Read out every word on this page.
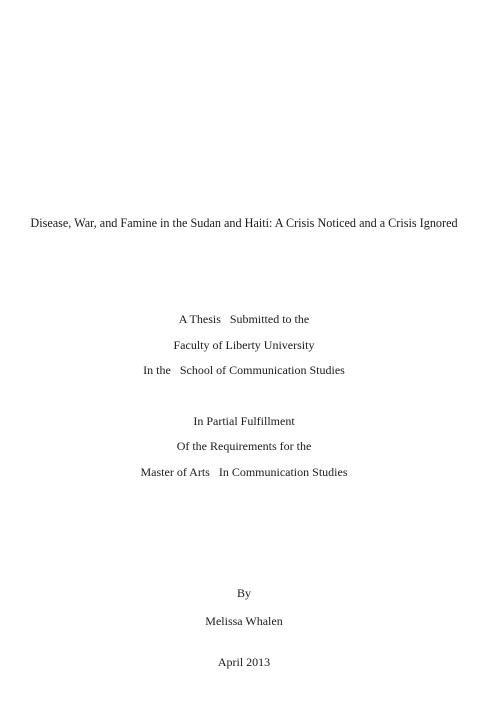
Disease, War, and Famine in the Sudan and Haiti: A Crisis Noticed and a Crisis Ignored
A Thesis   Submitted to the
Faculty of Liberty University
In the   School of Communication Studies
In Partial Fulfillment
Of the Requirements for the
Master of Arts   In Communication Studies
By
Melissa Whalen
April 2013
